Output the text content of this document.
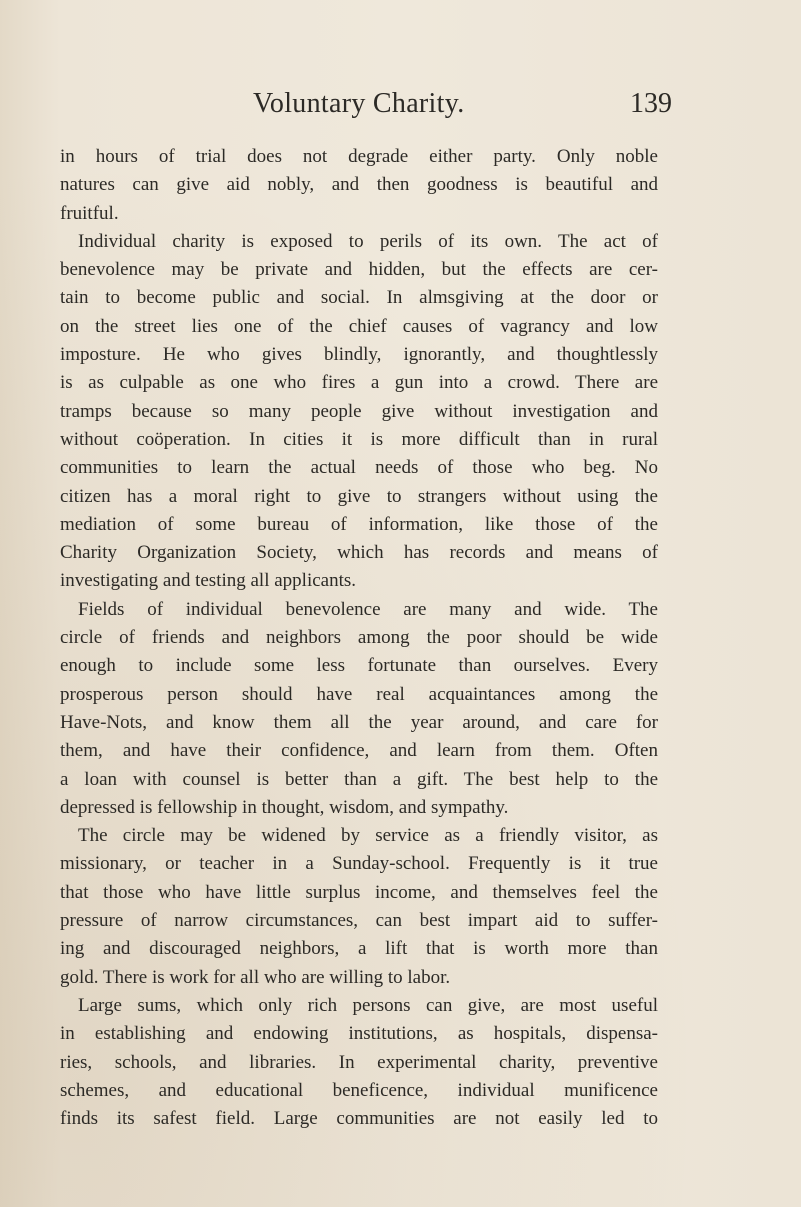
Voluntary Charity.	139
in hours of trial does not degrade either party. Only noble
natures can give aid nobly, and then goodness is beautiful and
fruitful.
Individual charity is exposed to perils of its own. The act of
benevolence may be private and hidden, but the effects are cer-
tain to become public and social. In almsgiving at the door or
on the street lies one of the chief causes of vagrancy and low
imposture. He who gives blindly, ignorantly, and thoughtlessly
is as culpable as one who fires a gun into a crowd. There are
tramps because so many people give without investigation and
without coöperation. In cities it is more difficult than in rural
communities to learn the actual needs of those who beg. No
citizen has a moral right to give to strangers without using the
mediation of some bureau of information, like those of the
Charity Organization Society, which has records and means of
investigating and testing all applicants.
Fields of individual benevolence are many and wide. The
circle of friends and neighbors among the poor should be wide
enough to include some less fortunate than ourselves. Every
prosperous person should have real acquaintances among the
Have-Nots, and know them all the year around, and care for
them, and have their confidence, and learn from them. Often
a loan with counsel is better than a gift. The best help to the
depressed is fellowship in thought, wisdom, and sympathy.
The circle may be widened by service as a friendly visitor, as
missionary, or teacher in a Sunday-school. Frequently is it true
that those who have little surplus income, and themselves feel the
pressure of narrow circumstances, can best impart aid to suffer-
ing and discouraged neighbors, a lift that is worth more than
gold. There is work for all who are willing to labor.
Large sums, which only rich persons can give, are most useful
in establishing and endowing institutions, as hospitals, dispensa-
ries, schools, and libraries. In experimental charity, preventive
schemes, and educational beneficence, individual munificence
finds its safest field. Large communities are not easily led to
